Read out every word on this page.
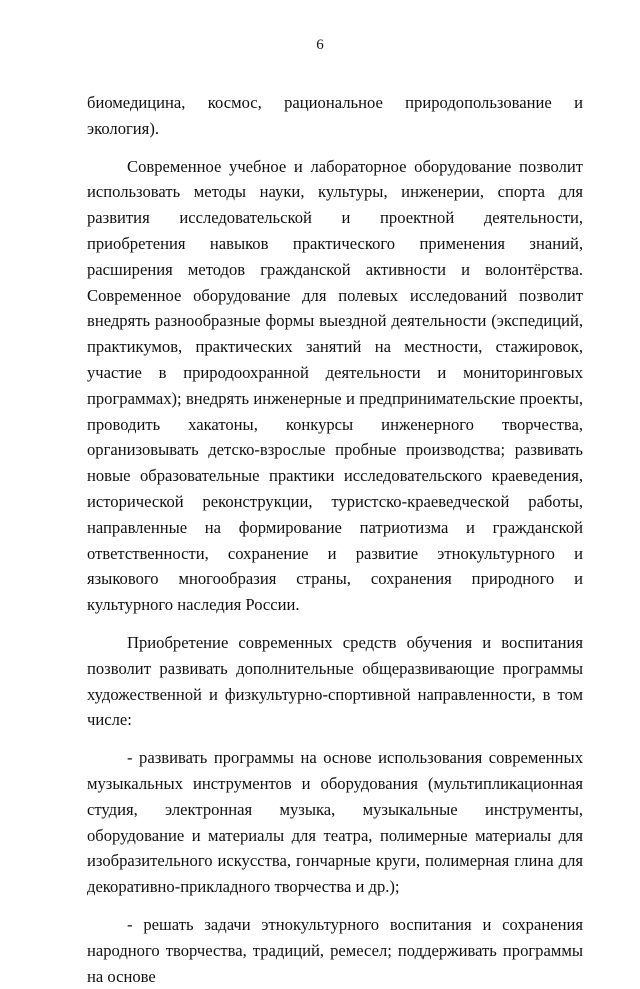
6

биомедицина, космос, рациональное природопользование и экология).

Современное учебное и лабораторное оборудование позволит использовать методы науки, культуры, инженерии, спорта для развития исследовательской и проектной деятельности, приобретения навыков практического применения знаний, расширения методов гражданской активности и волонтёрства. Современное оборудование для полевых исследований позволит внедрять разнообразные формы выездной деятельности (экспедиций, практикумов, практических занятий на местности, стажировок, участие в природоохранной деятельности и мониторинговых программах); внедрять инженерные и предпринимательские проекты, проводить хакатоны, конкурсы инженерного творчества, организовывать детско-взрослые пробные производства; развивать новые образовательные практики исследовательского краеведения, исторической реконструкции, туристско-краеведческой работы, направленные на формирование патриотизма и гражданской ответственности, сохранение и развитие этнокультурного и языкового многообразия страны, сохранения природного и культурного наследия России.

Приобретение современных средств обучения и воспитания позволит развивать дополнительные общеразвивающие программы художественной и физкультурно-спортивной направленности, в том числе:

- развивать программы на основе использования современных музыкальных инструментов и оборудования (мультипликационная студия, электронная музыка, музыкальные инструменты, оборудование и материалы для театра, полимерные материалы для изобразительного искусства, гончарные круги, полимерная глина для декоративно-прикладного творчества и др.);

- решать задачи этнокультурного воспитания и сохранения народного творчества, традиций, ремесел; поддерживать программы на основе
